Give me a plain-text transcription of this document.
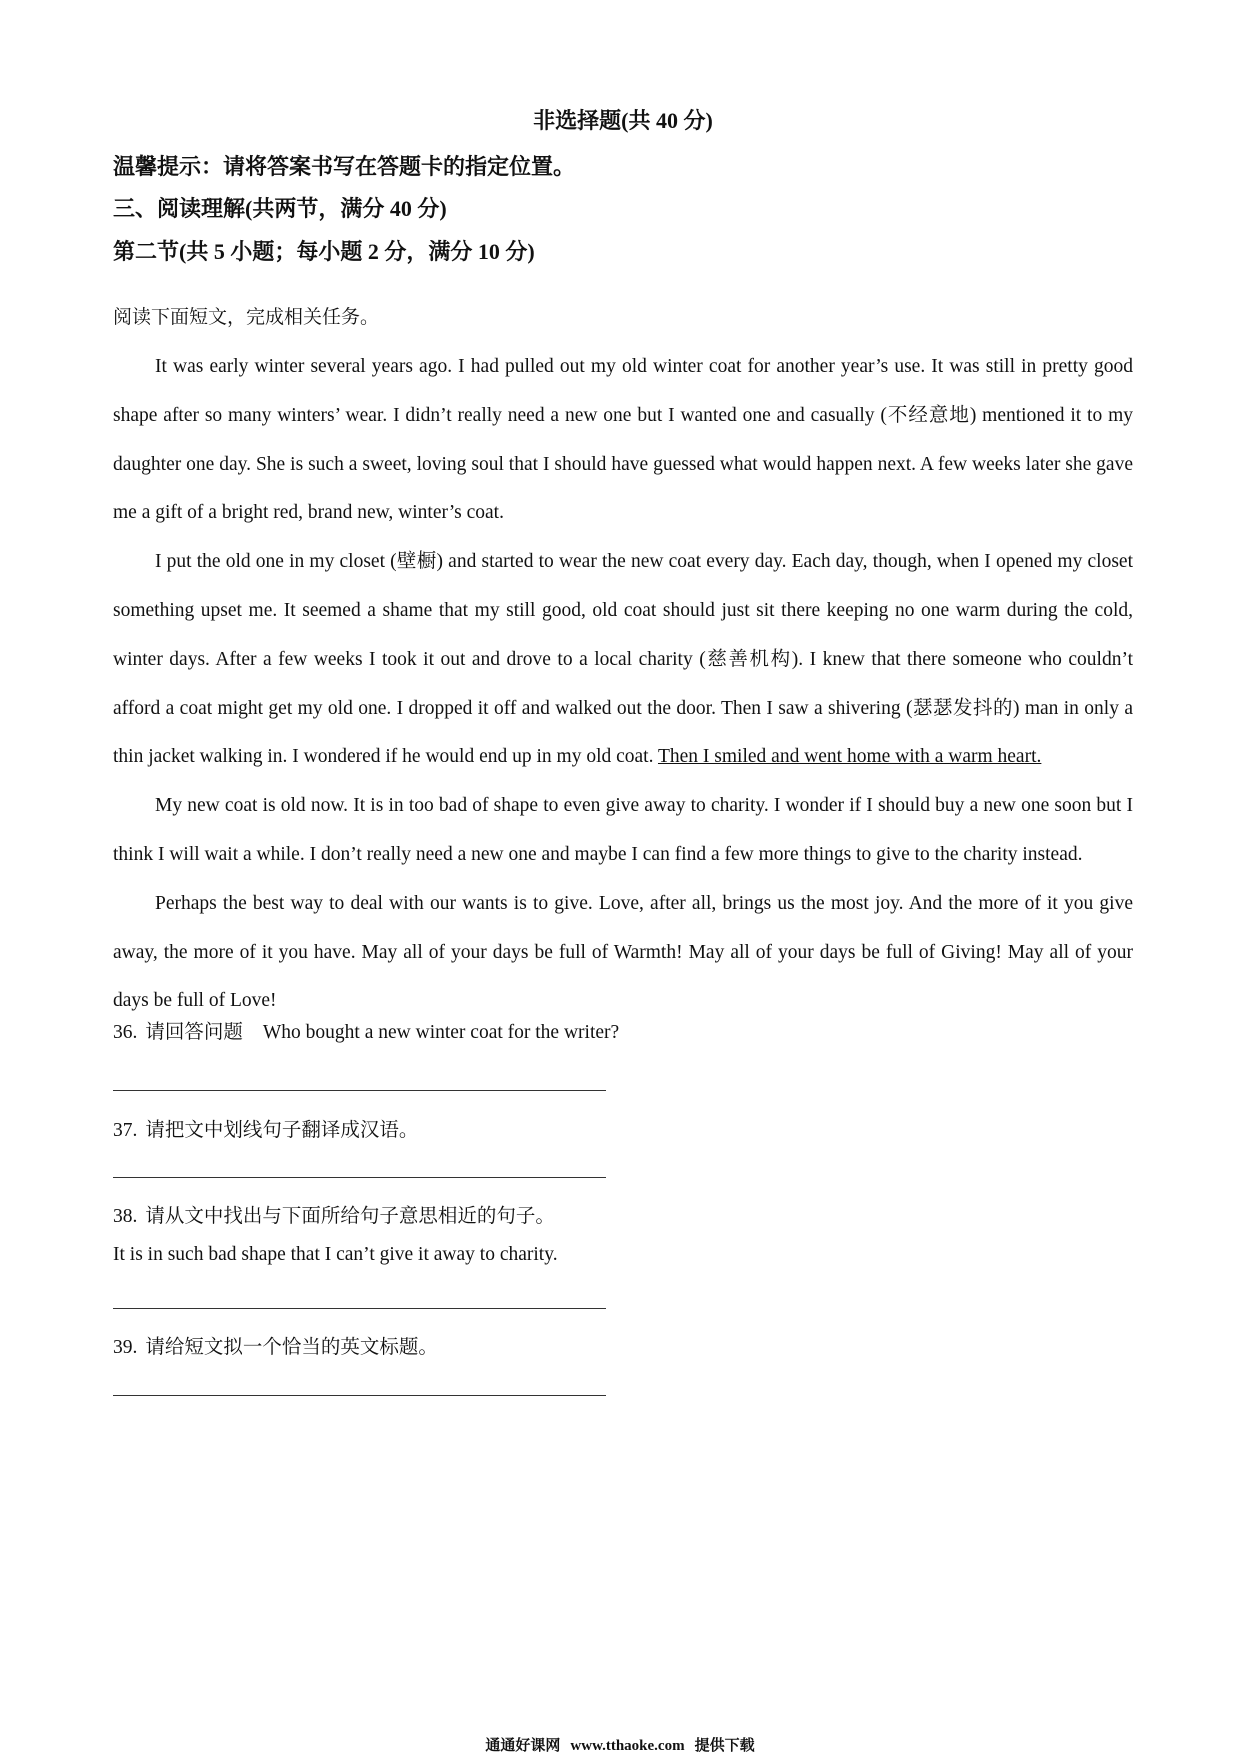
非选择题(共 40 分)
温馨提示：请将答案书写在答题卡的指定位置。
三、阅读理解(共两节，满分 40 分)
第二节(共 5 小题；每小题 2 分，满分 10 分)
阅读下面短文，完成相关任务。

It was early winter several years ago. I had pulled out my old winter coat for another year’s use. It was still in pretty good shape after so many winters’ wear. I didn’t really need a new one but I wanted one and casually (不经意地) mentioned it to my daughter one day. She is such a sweet, loving soul that I should have guessed what would happen next. A few weeks later she gave me a gift of a bright red, brand new, winter’s coat.

I put the old one in my closet (壁橱) and started to wear the new coat every day. Each day, though, when I opened my closet something upset me. It seemed a shame that my still good, old coat should just sit there keeping no one warm during the cold, winter days. After a few weeks I took it out and drove to a local charity (慈善机构). I knew that there someone who couldn’t afford a coat might get my old one. I dropped it off and walked out the door. Then I saw a shivering (瑟瑟发抖的) man in only a thin jacket walking in. I wondered if he would end up in my old coat. Then I smiled and went home with a warm heart.

My new coat is old now. It is in too bad of shape to even give away to charity. I wonder if I should buy a new one soon but I think I will wait a while. I don’t really need a new one and maybe I can find a few more things to give to the charity instead.

Perhaps the best way to deal with our wants is to give. Love, after all, brings us the most joy. And the more of it you give away, the more of it you have. May all of your days be full of Warmth! May all of your days be full of Giving! May all of your days be full of Love!

36. 请回答问题 Who bought a new winter coat for the writer?
37. 请把文中划线句子翻译成汉语。
38. 请从文中找出与下面所给句子意思相近的句子。
It is in such bad shape that I can’t give it away to charity.
39. 请给短文拟一个恰当的英文标题。
通通好课网 www.tthaoke.com 提供下载
